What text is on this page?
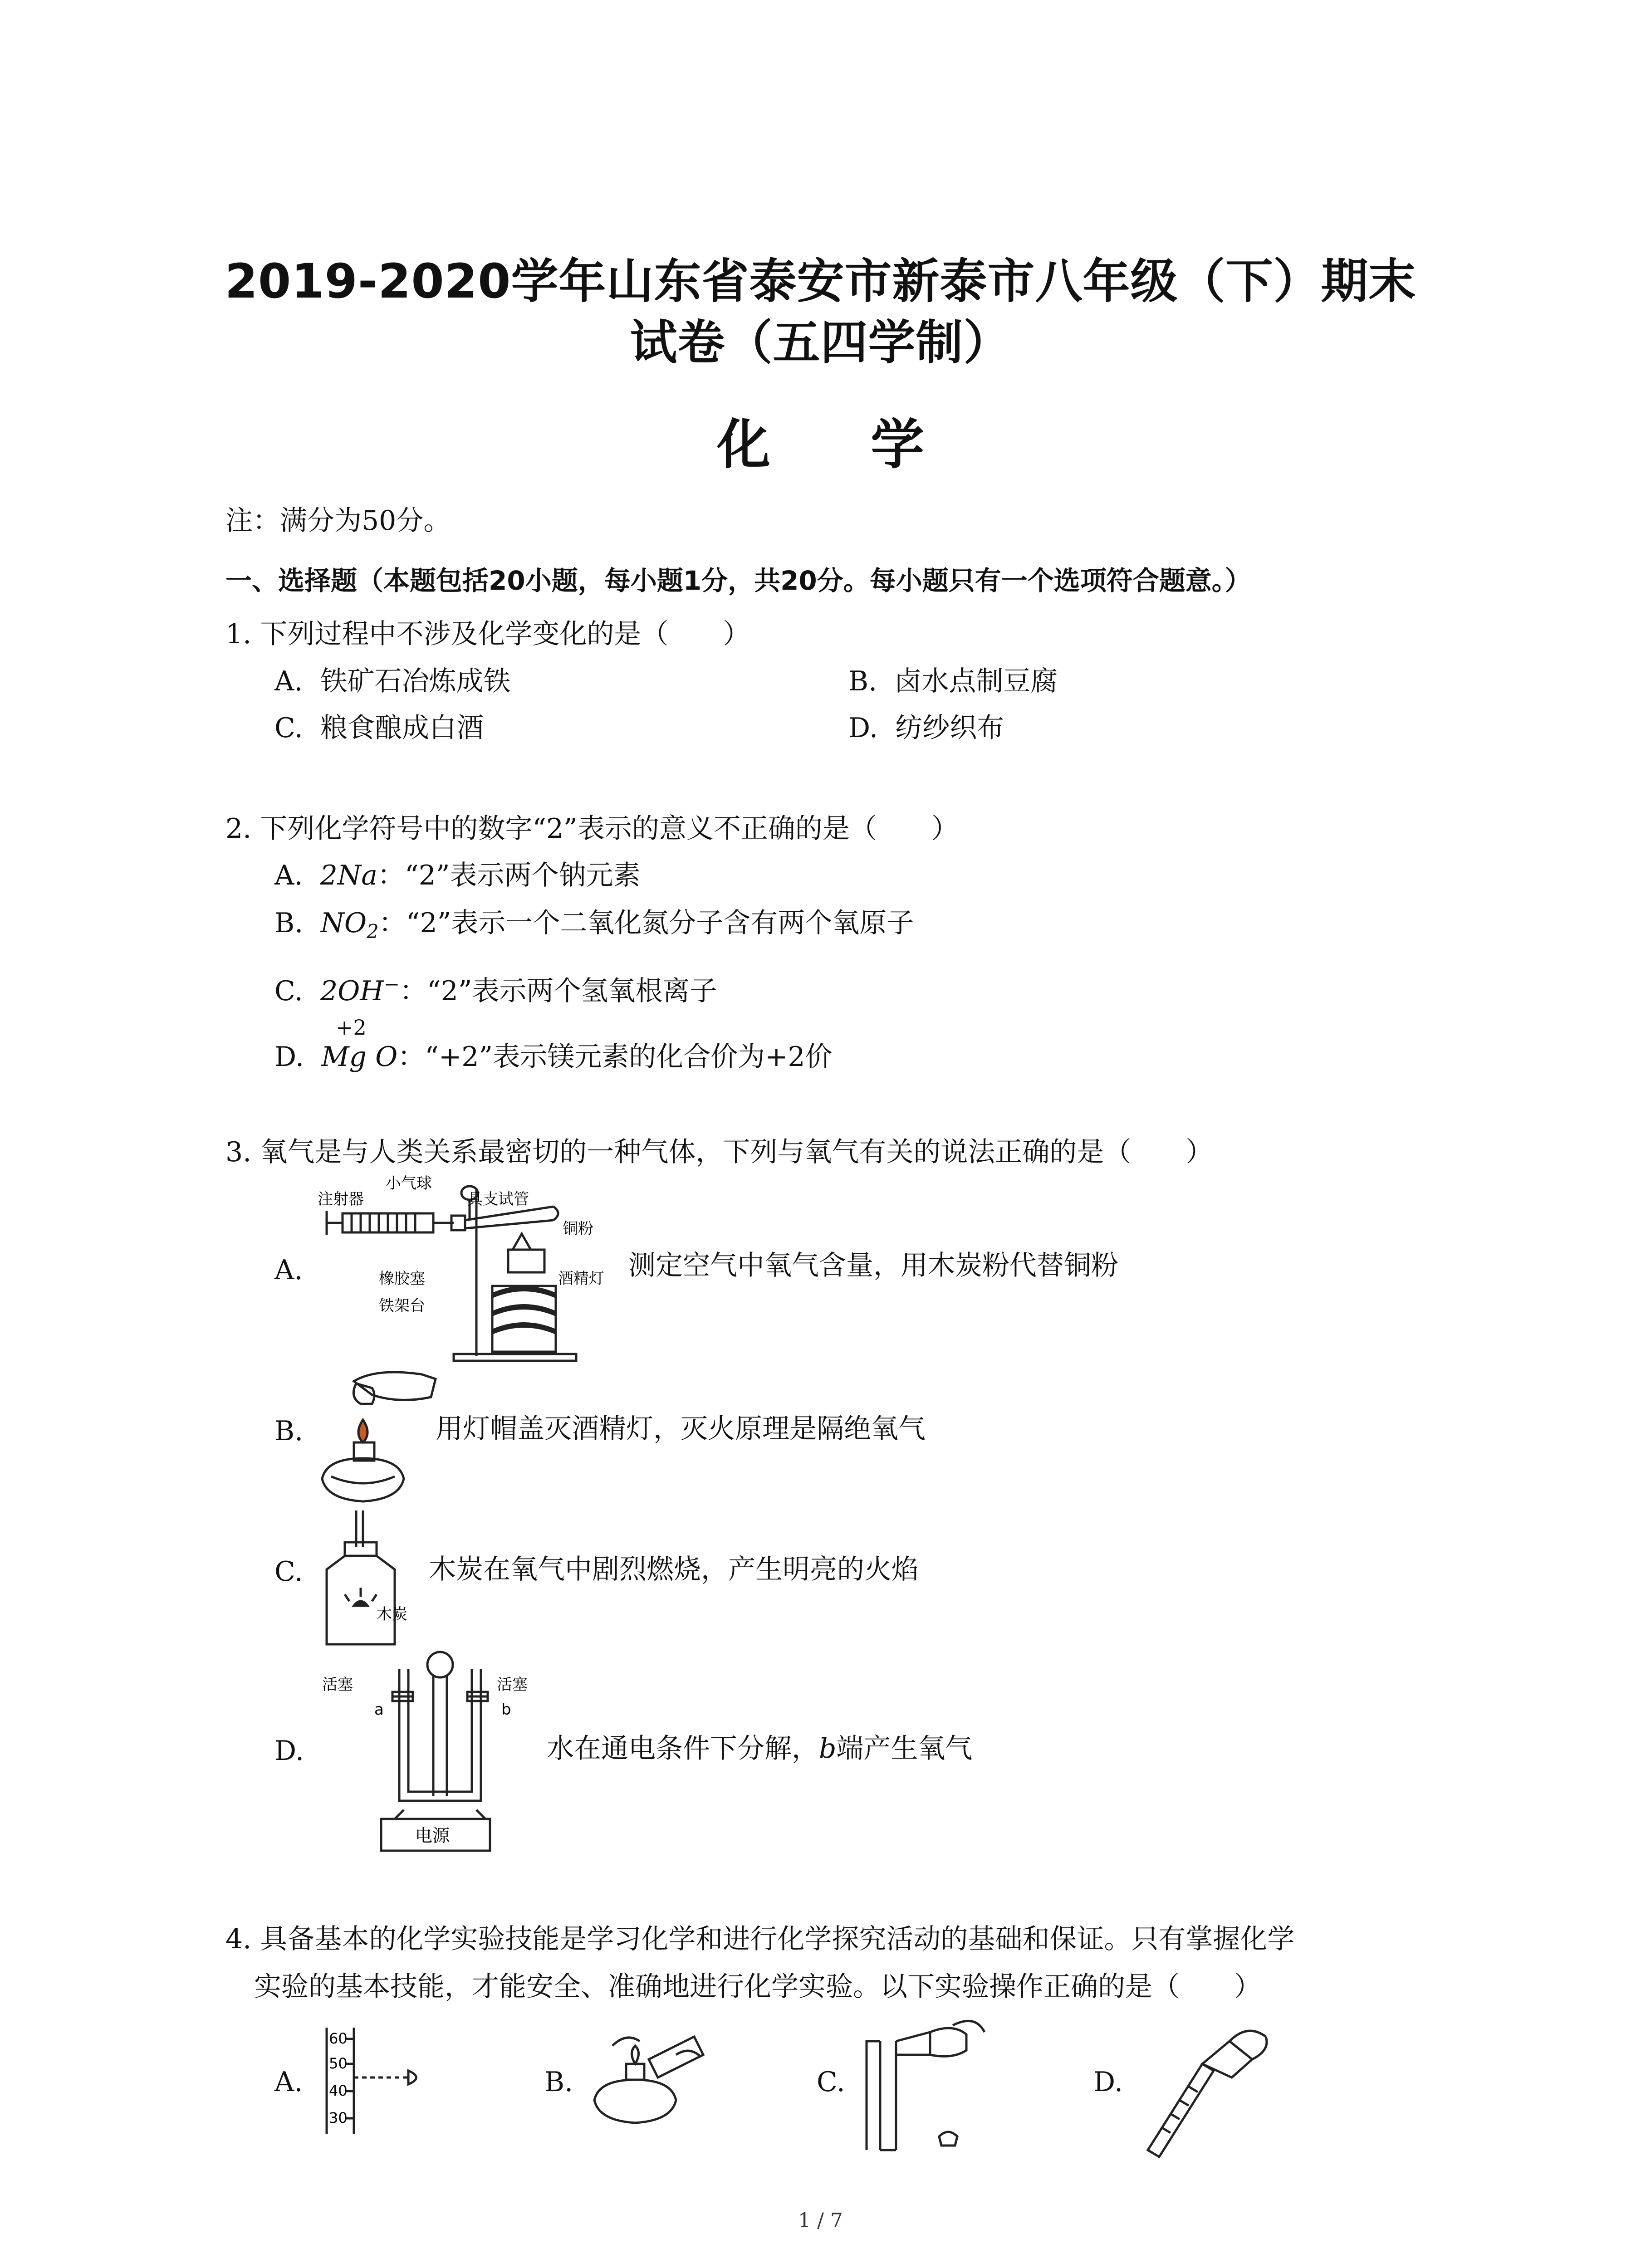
2019-2020学年山东省泰安市新泰市八年级（下）期末
试卷（五四学制）
化 学
注：满分为50分。
一、选择题（本题包括20小题，每小题1分，共20分。每小题只有一个选项符合题意。）
1. 下列过程中不涉及化学变化的是（　　）
A. 铁矿石冶炼成铁	B. 卤水点制豆腐
C. 粮食酿成白酒	D. 纺纱织布
2. 下列化学符号中的数字“2”表示的意义不正确的是（　　）
A. 2Na：“2”表示两个钠元素
B. $NO_2$：“2”表示一个二氧化氮分子含有两个氧原子
C. 2OH−：“2”表示两个氢氧根离子
+2
D. Mg O：“+2”表示镁元素的化合价为+2价
3. 氧气是与人类关系最密切的一种气体，下列与氧气有关的说法正确的是（　　）
A.
注射器
小气球
具支试管
铜粉
橡胶塞	酒精灯
铁架台
测定空气中氧气含量，用木炭粉代替铜粉
B.	用灯帽盖灭酒精灯，灭火原理是隔绝氧气
C.
木炭
木炭在氧气中剧烈燃烧，产生明亮的火焰
D.
活塞	活塞
a	b
电源
水在通电条件下分解，b端产生氧气
4. 具备基本的化学实验技能是学习化学和进行化学探究活动的基础和保证。只有掌握化学
实验的基本技能，才能安全、准确地进行化学实验。以下实验操作正确的是（　　）
A.
60
50
40
30
B.	C.	D.
1 / 7
